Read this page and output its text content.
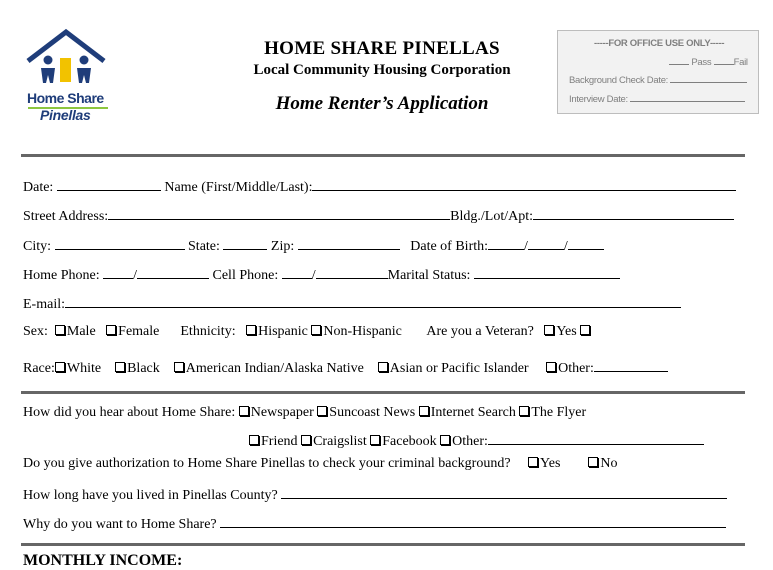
Home Share
Pinellas
HOME SHARE PINELLAS
Local Community Housing Corporation
Home Renter’s Application
-----FOR OFFICE USE ONLY-----
Pass Fail
Background Check Date:
Interview Date:
Date:	Name (First/Middle/Last):
Street Address:	Bldg./Lot/Apt:
City:	State:	Zip:	Date of Birth:	/	/
Home Phone: /	Cell Phone: /	Marital Status:
E-mail:
Sex: Male Female Ethnicity: Hispanic Non-Hispanic Are you a Veteran? Yes
Race: White Black American Indian/Alaska Native Asian or Pacific Islander Other:
How did you hear about Home Share: Newspaper Suncoast News Internet Search The Flyer
Friend Craigslist Facebook Other:
Do you give authorization to Home Share Pinellas to check your criminal background? Yes	No
How long have you lived in Pinellas County?
Why do you want to Home Share?
MONTHLY INCOME:
